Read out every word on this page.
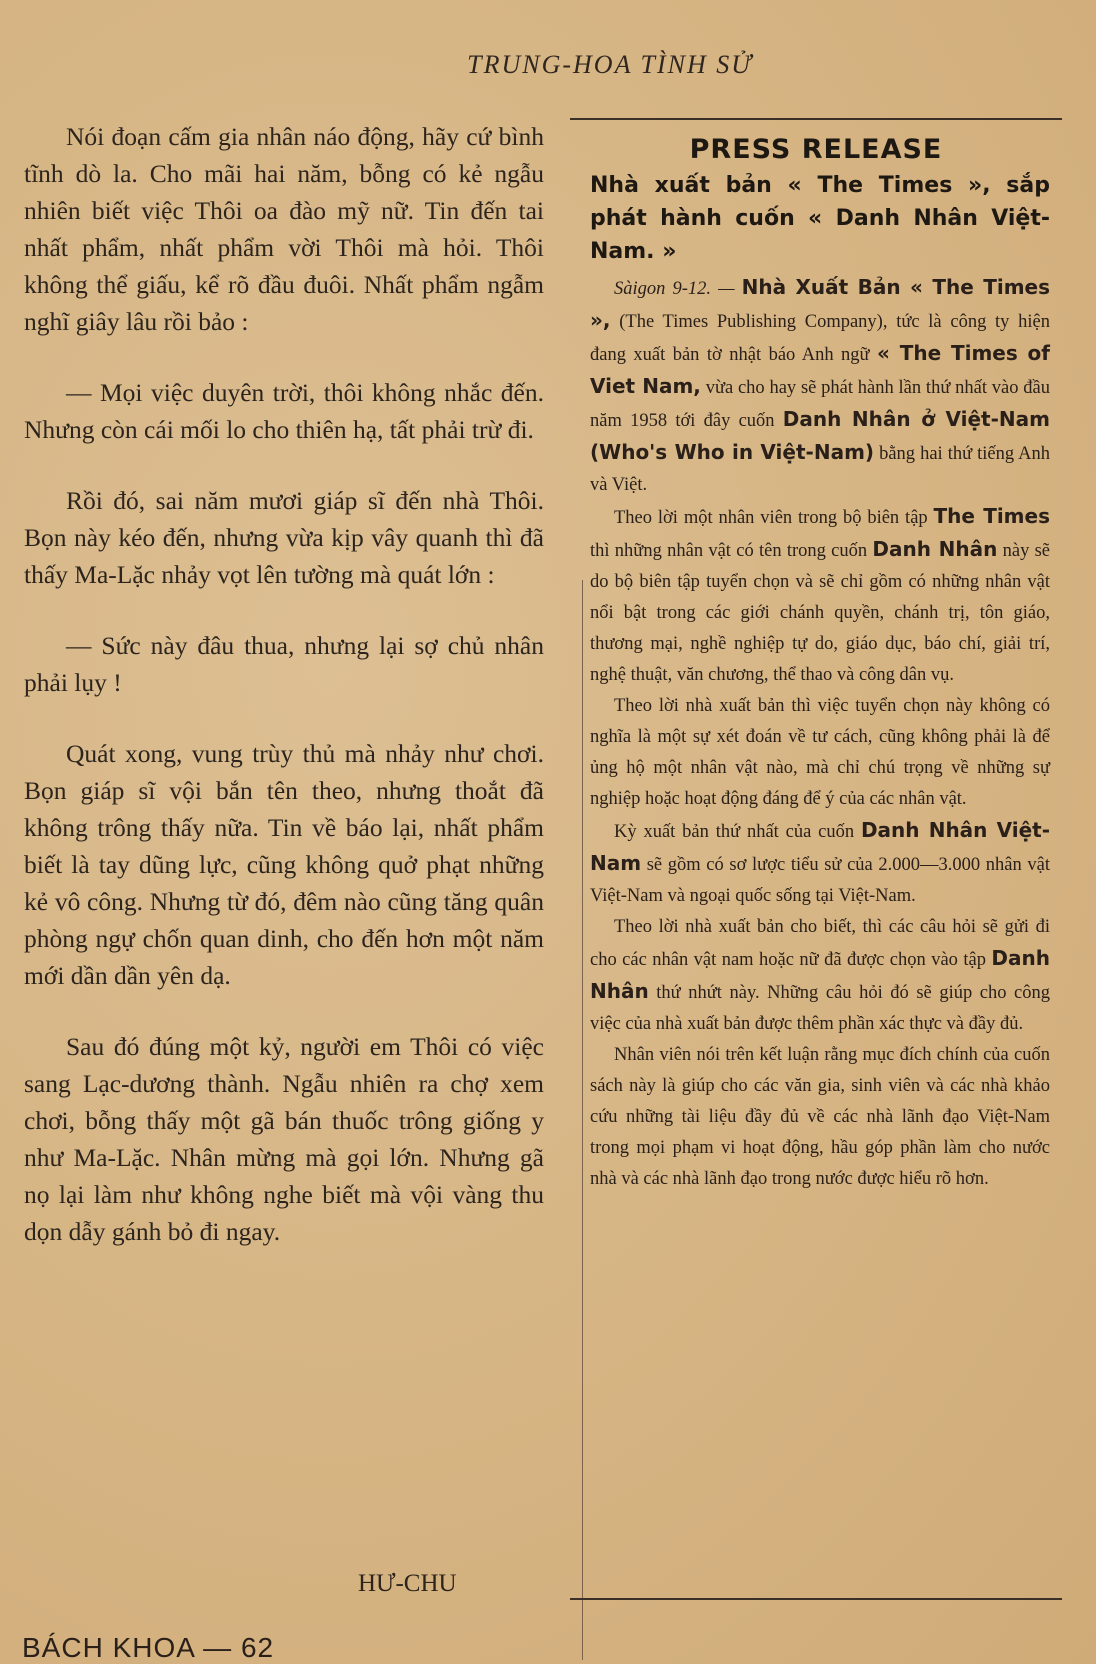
TRUNG-HOA TÌNH SỬ

Nói đoạn cấm gia nhân náo động, hãy cứ bình tĩnh dò la. Cho mãi hai năm, bỗng có kẻ ngẫu nhiên biết việc Thôi oa đào mỹ nữ. Tin đến tai nhất phẩm, nhất phẩm vời Thôi mà hỏi. Thôi không thể giấu, kể rõ đầu đuôi. Nhất phẩm ngẫm nghĩ giây lâu rồi bảo :

— Mọi việc duyên trời, thôi không nhắc đến. Nhưng còn cái mối lo cho thiên hạ, tất phải trừ đi.

Rồi đó, sai năm mươi giáp sĩ đến nhà Thôi. Bọn này kéo đến, nhưng vừa kịp vây quanh thì đã thấy Ma-Lặc nhảy vọt lên tường mà quát lớn :

— Sức này đâu thua, nhưng lại sợ chủ nhân phải lụy !

Quát xong, vung trùy thủ mà nhảy như chơi. Bọn giáp sĩ vội bắn tên theo, nhưng thoắt đã không trông thấy nữa. Tin về báo lại, nhất phẩm biết là tay dũng lực, cũng không quở phạt những kẻ vô công. Nhưng từ đó, đêm nào cũng tăng quân phòng ngự chốn quan dinh, cho đến hơn một năm mới dần dần yên dạ.

Sau đó đúng một kỷ, người em Thôi có việc sang Lạc-dương thành. Ngẫu nhiên ra chợ xem chơi, bỗng thấy một gã bán thuốc trông giống y như Ma-Lặc. Nhân mừng mà gọi lớn. Nhưng gã nọ lại làm như không nghe biết mà vội vàng thu dọn dẫy gánh bỏ đi ngay.

HƯ-CHU
PRESS RELEASE
Nhà xuất bản « The Times », sắp phát hành cuốn « Danh Nhân Việt-Nam. »

Sàigon 9-12. — Nhà Xuất Bản « The Times », (The Times Publishing Company), tức là công ty hiện đang xuất bản tờ nhật báo Anh ngữ « The Times of Viet Nam, vừa cho hay sẽ phát hành lần thứ nhất vào đầu năm 1958 tới đây cuốn Danh Nhân ở Việt-Nam (Who's Who in Việt-Nam) bằng hai thứ tiếng Anh và Việt.

Theo lời một nhân viên trong bộ biên tập The Times thì những nhân vật có tên trong cuốn Danh Nhân này sẽ do bộ biên tập tuyển chọn và sẽ chỉ gồm có những nhân vật nổi bật trong các giới chánh quyền, chánh trị, tôn giáo, thương mại, nghề nghiệp tự do, giáo dục, báo chí, giải trí, nghệ thuật, văn chương, thể thao và công dân vụ.

Theo lời nhà xuất bản thì việc tuyển chọn này không có nghĩa là một sự xét đoán về tư cách, cũng không phải là để ủng hộ một nhân vật nào, mà chỉ chú trọng về những sự nghiệp hoặc hoạt động đáng để ý của các nhân vật.

Kỳ xuất bản thứ nhất của cuốn Danh Nhân Việt-Nam sẽ gồm có sơ lược tiểu sử của 2.000—3.000 nhân vật Việt-Nam và ngoại quốc sống tại Việt-Nam.

Theo lời nhà xuất bản cho biết, thì các câu hỏi sẽ gửi đi cho các nhân vật nam hoặc nữ đã được chọn vào tập Danh Nhân thứ nhứt này. Những câu hỏi đó sẽ giúp cho công việc của nhà xuất bản được thêm phần xác thực và đầy đủ.

Nhân viên nói trên kết luận rằng mục đích chính của cuốn sách này là giúp cho các văn gia, sinh viên và các nhà khảo cứu những tài liệu đầy đủ về các nhà lãnh đạo Việt-Nam trong mọi phạm vi hoạt động, hầu góp phần làm cho nước nhà và các nhà lãnh đạo trong nước được hiểu rõ hơn.

BÁCH KHOA — 62
